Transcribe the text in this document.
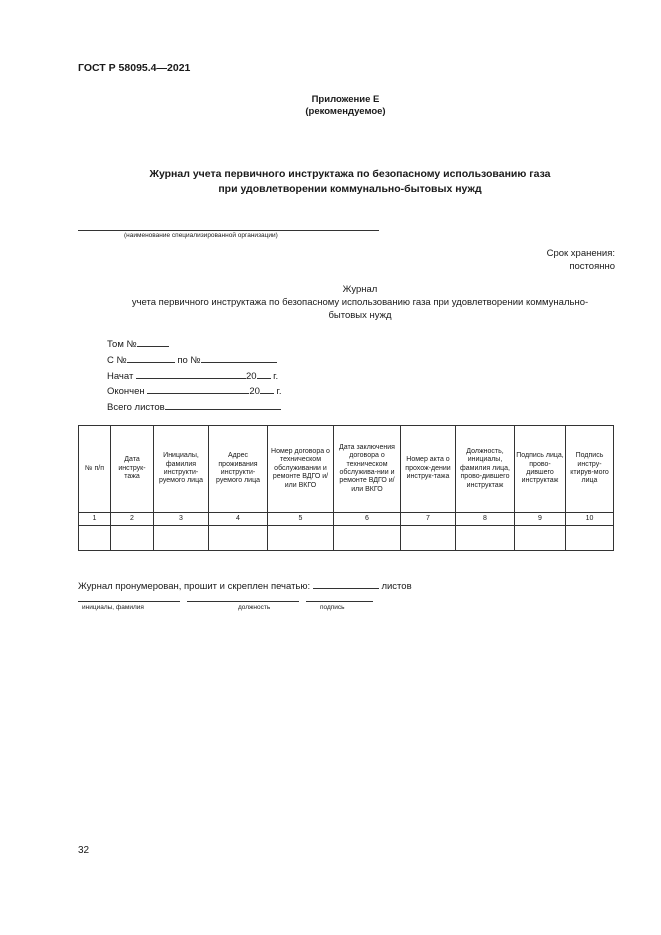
ГОСТ Р 58095.4—2021
Приложение Е
(рекомендуемое)
Журнал учета первичного инструктажа по безопасному использованию газа
при удовлетворении коммунально-бытовых нужд
(наименование специализированной организации)
Срок хранения:
постоянно
Журнал
учета первичного инструктажа по безопасному использованию газа при удовлетворении коммунально-
бытовых нужд
Том №
С №	по №
Начат	20 г.
Окончен	20 г.
Всего листов
№ п/п	Дата инструк-тажа	Инициалы, фамилия инструкти-руемого лица	Адрес проживания инструкти-руемого лица	Номер договора о техническом обслуживании и ремонте ВДГО и/или ВКГО	Дата заключения договора о техническом обслужива-нии и ремонте ВДГО и/или ВКГО	Номер акта о прохож-дении инструк-тажа	Должность, инициалы, фамилия лица, прово-дившего инструктаж	Подпись лица, прово-дившего инструктаж	Подпись инстру-ктирув-мого лица
1	2	3	4	5	6	7	8	9	10

Журнал пронумерован, прошит и скреплен печатью:	листов
инициалы, фамилия	должность	подпись
32
